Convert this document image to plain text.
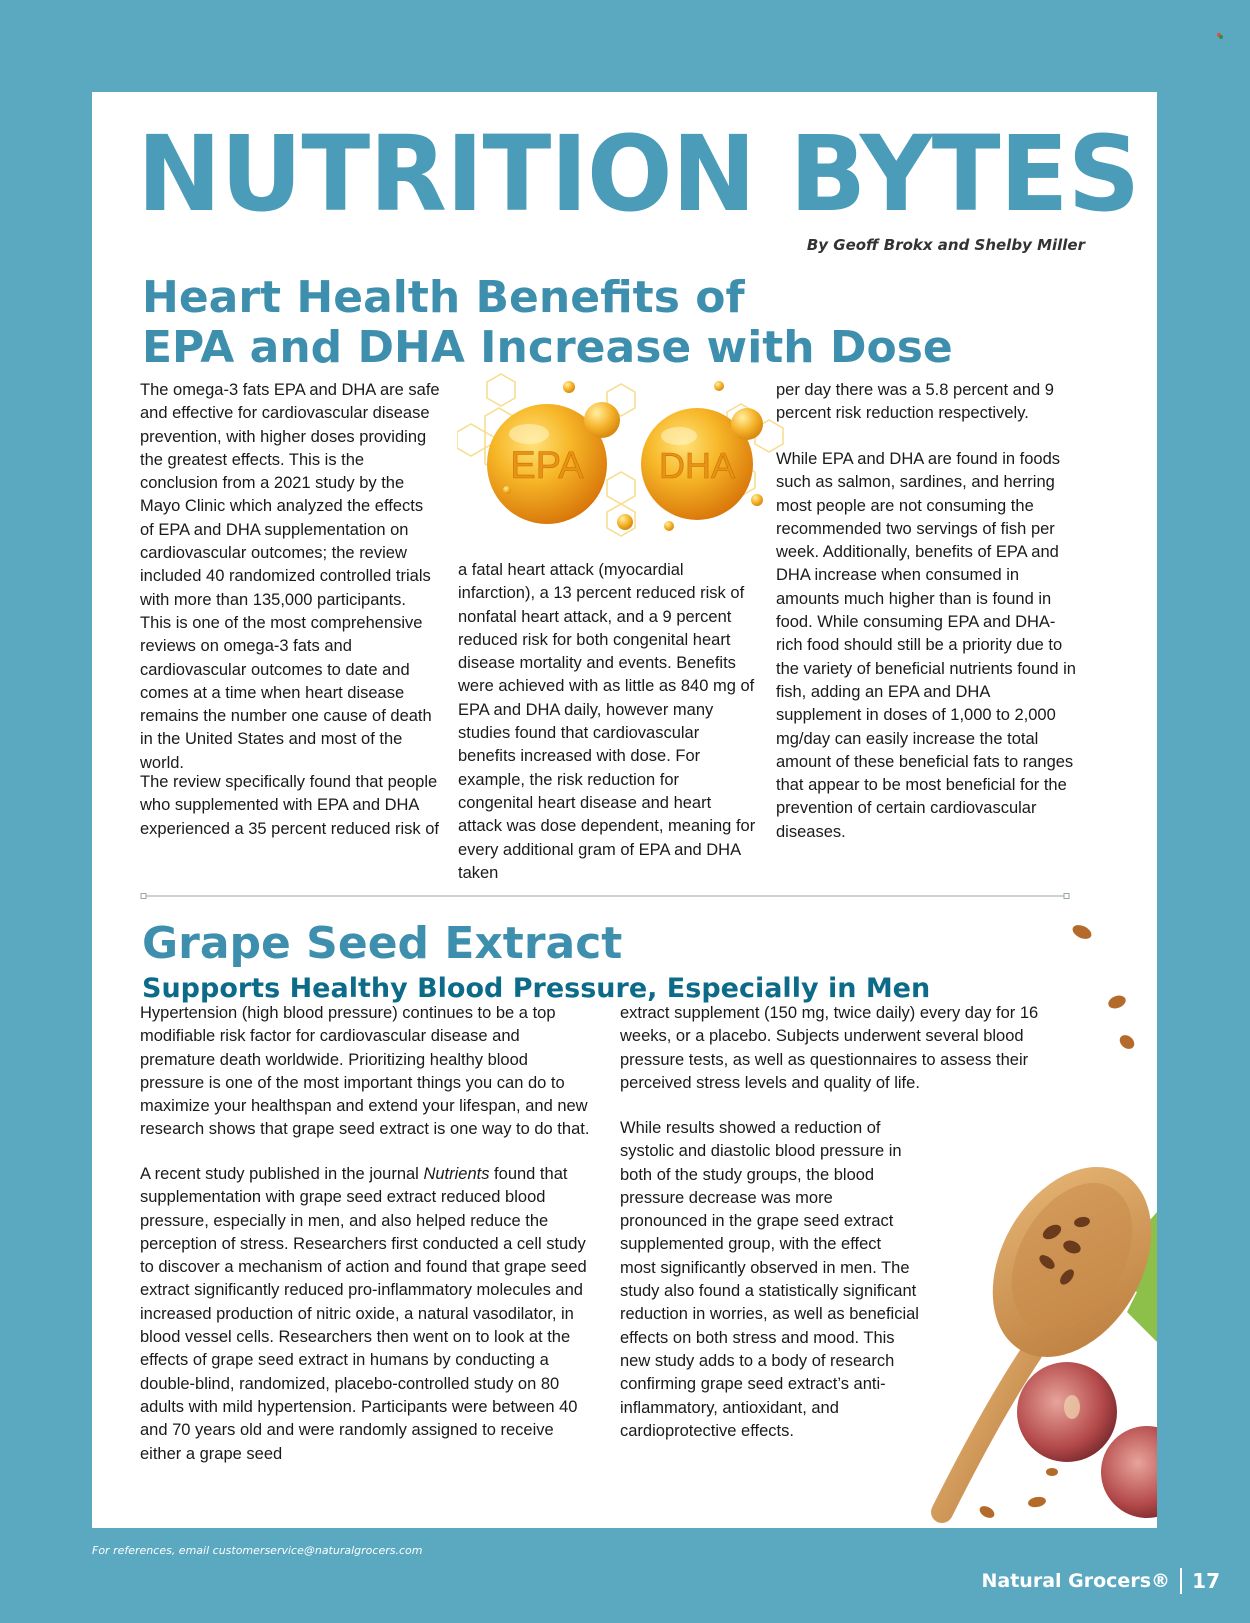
NUTRITION BYTES

By Geoff Brokx and Shelby Miller

Heart Health Benefits of
EPA and DHA Increase with Dose

The omega-3 fats EPA and DHA are safe and effective for cardiovascular disease prevention, with higher doses providing the greatest effects. This is the conclusion from a 2021 study by the Mayo Clinic which analyzed the effects of EPA and DHA supplementation on cardiovascular outcomes; the review included 40 randomized controlled trials with more than 135,000 participants. This is one of the most comprehensive reviews on omega-3 fats and cardiovascular outcomes to date and comes at a time when heart disease remains the number one cause of death in the United States and most of the world.

The review specifically found that people who supplemented with EPA and DHA experienced a 35 percent reduced risk of

EPA DHA

a fatal heart attack (myocardial infarction), a 13 percent reduced risk of nonfatal heart attack, and a 9 percent reduced risk for both congenital heart disease mortality and events. Benefits were achieved with as little as 840 mg of EPA and DHA daily, however many studies found that cardiovascular benefits increased with dose. For example, the risk reduction for congenital heart disease and heart attack was dose dependent, meaning for every additional gram of EPA and DHA taken

per day there was a 5.8 percent and 9 percent risk reduction respectively.

While EPA and DHA are found in foods such as salmon, sardines, and herring most people are not consuming the recommended two servings of fish per week. Additionally, benefits of EPA and DHA increase when consumed in amounts much higher than is found in food. While consuming EPA and DHA-rich food should still be a priority due to the variety of beneficial nutrients found in fish, adding an EPA and DHA supplement in doses of 1,000 to 2,000 mg/day can easily increase the total amount of these beneficial fats to ranges that appear to be most beneficial for the prevention of certain cardiovascular diseases.

Grape Seed Extract
Supports Healthy Blood Pressure, Especially in Men

Hypertension (high blood pressure) continues to be a top modifiable risk factor for cardiovascular disease and premature death worldwide. Prioritizing healthy blood pressure is one of the most important things you can do to maximize your healthspan and extend your lifespan, and new research shows that grape seed extract is one way to do that.

A recent study published in the journal Nutrients found that supplementation with grape seed extract reduced blood pressure, especially in men, and also helped reduce the perception of stress. Researchers first conducted a cell study to discover a mechanism of action and found that grape seed extract significantly reduced pro-inflammatory molecules and increased production of nitric oxide, a natural vasodilator, in blood vessel cells. Researchers then went on to look at the effects of grape seed extract in humans by conducting a double-blind, randomized, placebo-controlled study on 80 adults with mild hypertension. Participants were between 40 and 70 years old and were randomly assigned to receive either a grape seed

extract supplement (150 mg, twice daily) every day for 16 weeks, or a placebo. Subjects underwent several blood pressure tests, as well as questionnaires to assess their perceived stress levels and quality of life.

While results showed a reduction of systolic and diastolic blood pressure in both of the study groups, the blood pressure decrease was more pronounced in the grape seed extract supplemented group, with the effect most significantly observed in men. The study also found a statistically significant reduction in worries, as well as beneficial effects on both stress and mood. This new study adds to a body of research confirming grape seed extract’s anti-inflammatory, antioxidant, and cardioprotective effects.

For references, email customerservice@naturalgrocers.com
Natural Grocers® 17
